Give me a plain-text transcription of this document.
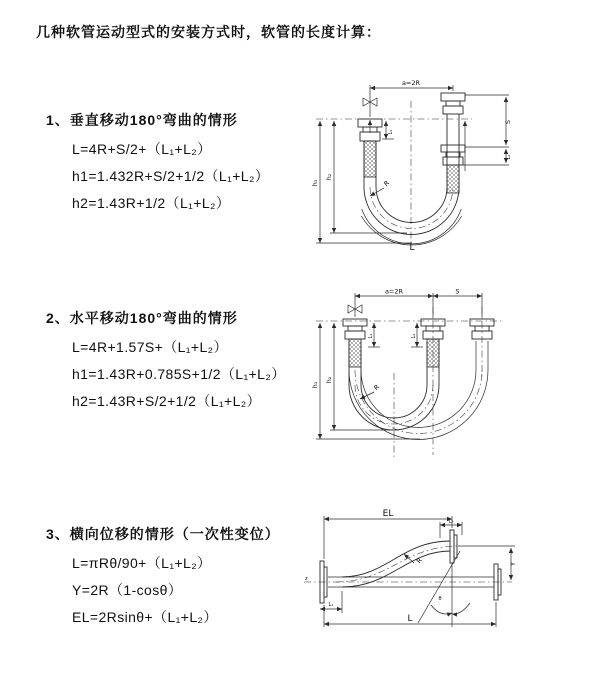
几种软管运动型式的安装方式时，软管的长度计算：
1、垂直移动180°弯曲的情形
L=4R+S/2+（L₁+L₂）
h1=1.432R+S/2+1/2（L₁+L₂）
h2=1.43R+1/2（L₁+L₂）
a=2R
h₁
h₂
L₁
S
L₂
R
L
2、水平移动180°弯曲的情形
L=4R+1.57S+（L₁+L₂）
h1=1.43R+0.785S+1/2（L₁+L₂）
h2=1.43R+S/2+1/2（L₁+L₂）
a=2R	S
h₁
h₂
L₁	L₂
R
3、横向位移的情形（一次性变位）
L=πRθ/90+（L₁+L₂）
Y=2R（1-cosθ）
EL=2Rsinθ+（L₁+L₂）
z
EL
L₂
Y
θ
L
L₁
R
